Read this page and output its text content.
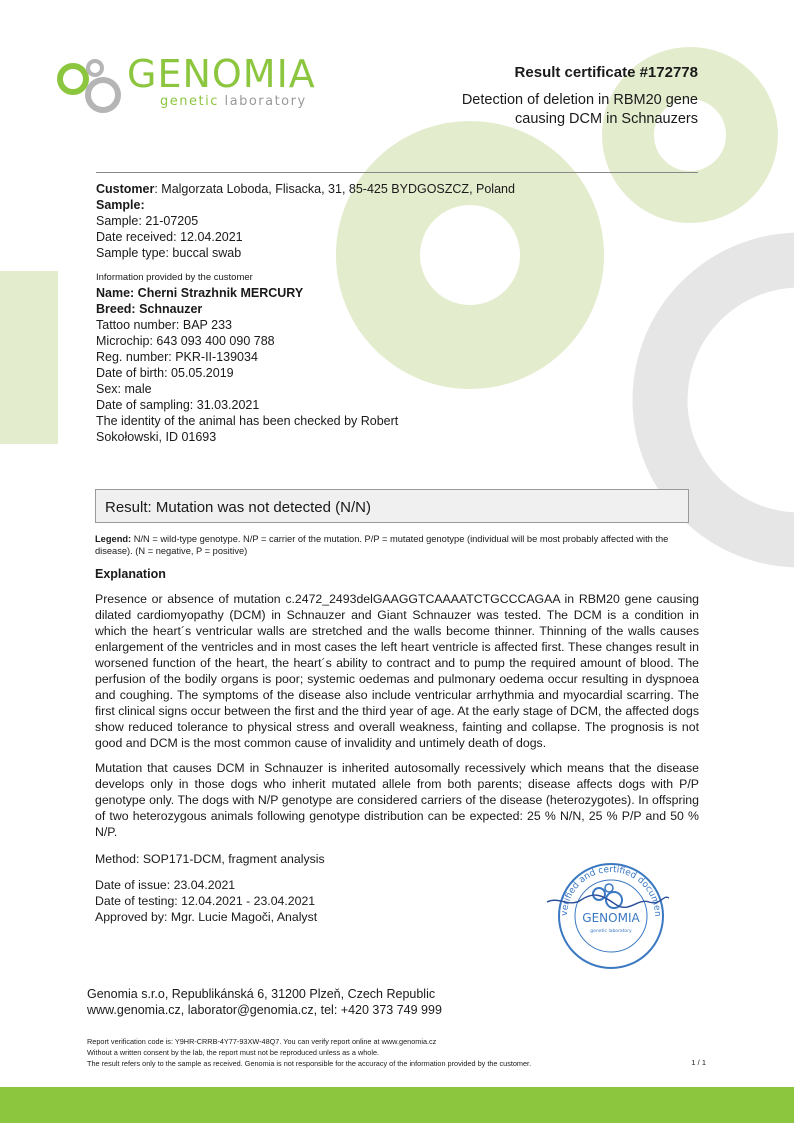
GENOMIA
genetic laboratory
Result certificate #172778
Detection of deletion in RBM20 gene
causing DCM in Schnauzers
Customer: Malgorzata Loboda, Flisacka, 31, 85-425 BYDGOSZCZ, Poland
Sample:
Sample: 21-07205
Date received: 12.04.2021
Sample type: buccal swab
Information provided by the customer
Name: Cherni Strazhnik MERCURY
Breed: Schnauzer
Tattoo number: BAP 233
Microchip: 643 093 400 090 788
Reg. number: PKR-II-139034
Date of birth: 05.05.2019
Sex: male
Date of sampling: 31.03.2021
The identity of the animal has been checked by Robert
Sokołowski, ID 01693
Result: Mutation was not detected (N/N)
Legend: N/N = wild-type genotype. N/P = carrier of the mutation. P/P = mutated genotype (individual will be most probably affected with the disease). (N = negative, P = positive)
Explanation
Presence or absence of mutation c.2472_2493delGAAGGTCAAAATCTGCCCAGAA in RBM20 gene causing dilated cardiomyopathy (DCM) in Schnauzer and Giant Schnauzer was tested. The DCM is a condition in which the heart´s ventricular walls are stretched and the walls become thinner. Thinning of the walls causes enlargement of the ventricles and in most cases the left heart ventricle is affected first. These changes result in worsened function of the heart, the heart´s ability to contract and to pump the required amount of blood. The perfusion of the bodily organs is poor; systemic oedemas and pulmonary oedema occur resulting in dyspnoea and coughing. The symptoms of the disease also include ventricular arrhythmia and myocardial scarring. The first clinical signs occur between the first and the third year of age. At the early stage of DCM, the affected dogs show reduced tolerance to physical stress and overall weakness, fainting and collapse. The prognosis is not good and DCM is the most common cause of invalidity and untimely death of dogs.
Mutation that causes DCM in Schnauzer is inherited autosomally recessively which means that the disease develops only in those dogs who inherit mutated allele from both parents; disease affects dogs with P/P genotype only. The dogs with N/P genotype are considered carriers of the disease (heterozygotes). In offspring of two heterozygous animals following genotype distribution can be expected: 25 % N/N, 25 % P/P and 50 % N/P.
Method: SOP171-DCM, fragment analysis
Date of issue: 23.04.2021
Date of testing: 12.04.2021 - 23.04.2021
Approved by: Mgr. Lucie Magoči, Analyst	verified and certified documen
GENOMIA
genetic laboratory
Genomia s.r.o, Republikánská 6, 31200 Plzeň, Czech Republic
www.genomia.cz, laborator@genomia.cz, tel: +420 373 749 999
Report verification code is: Y9HR-CRRB-4Y77-93XW-48Q7. You can verify report online at www.genomia.cz
Without a written consent by the lab, the report must not be reproduced unless as a whole.
The result refers only to the sample as received. Genomia is not responsible for the accuracy of the information provided by the customer.	1 / 1
